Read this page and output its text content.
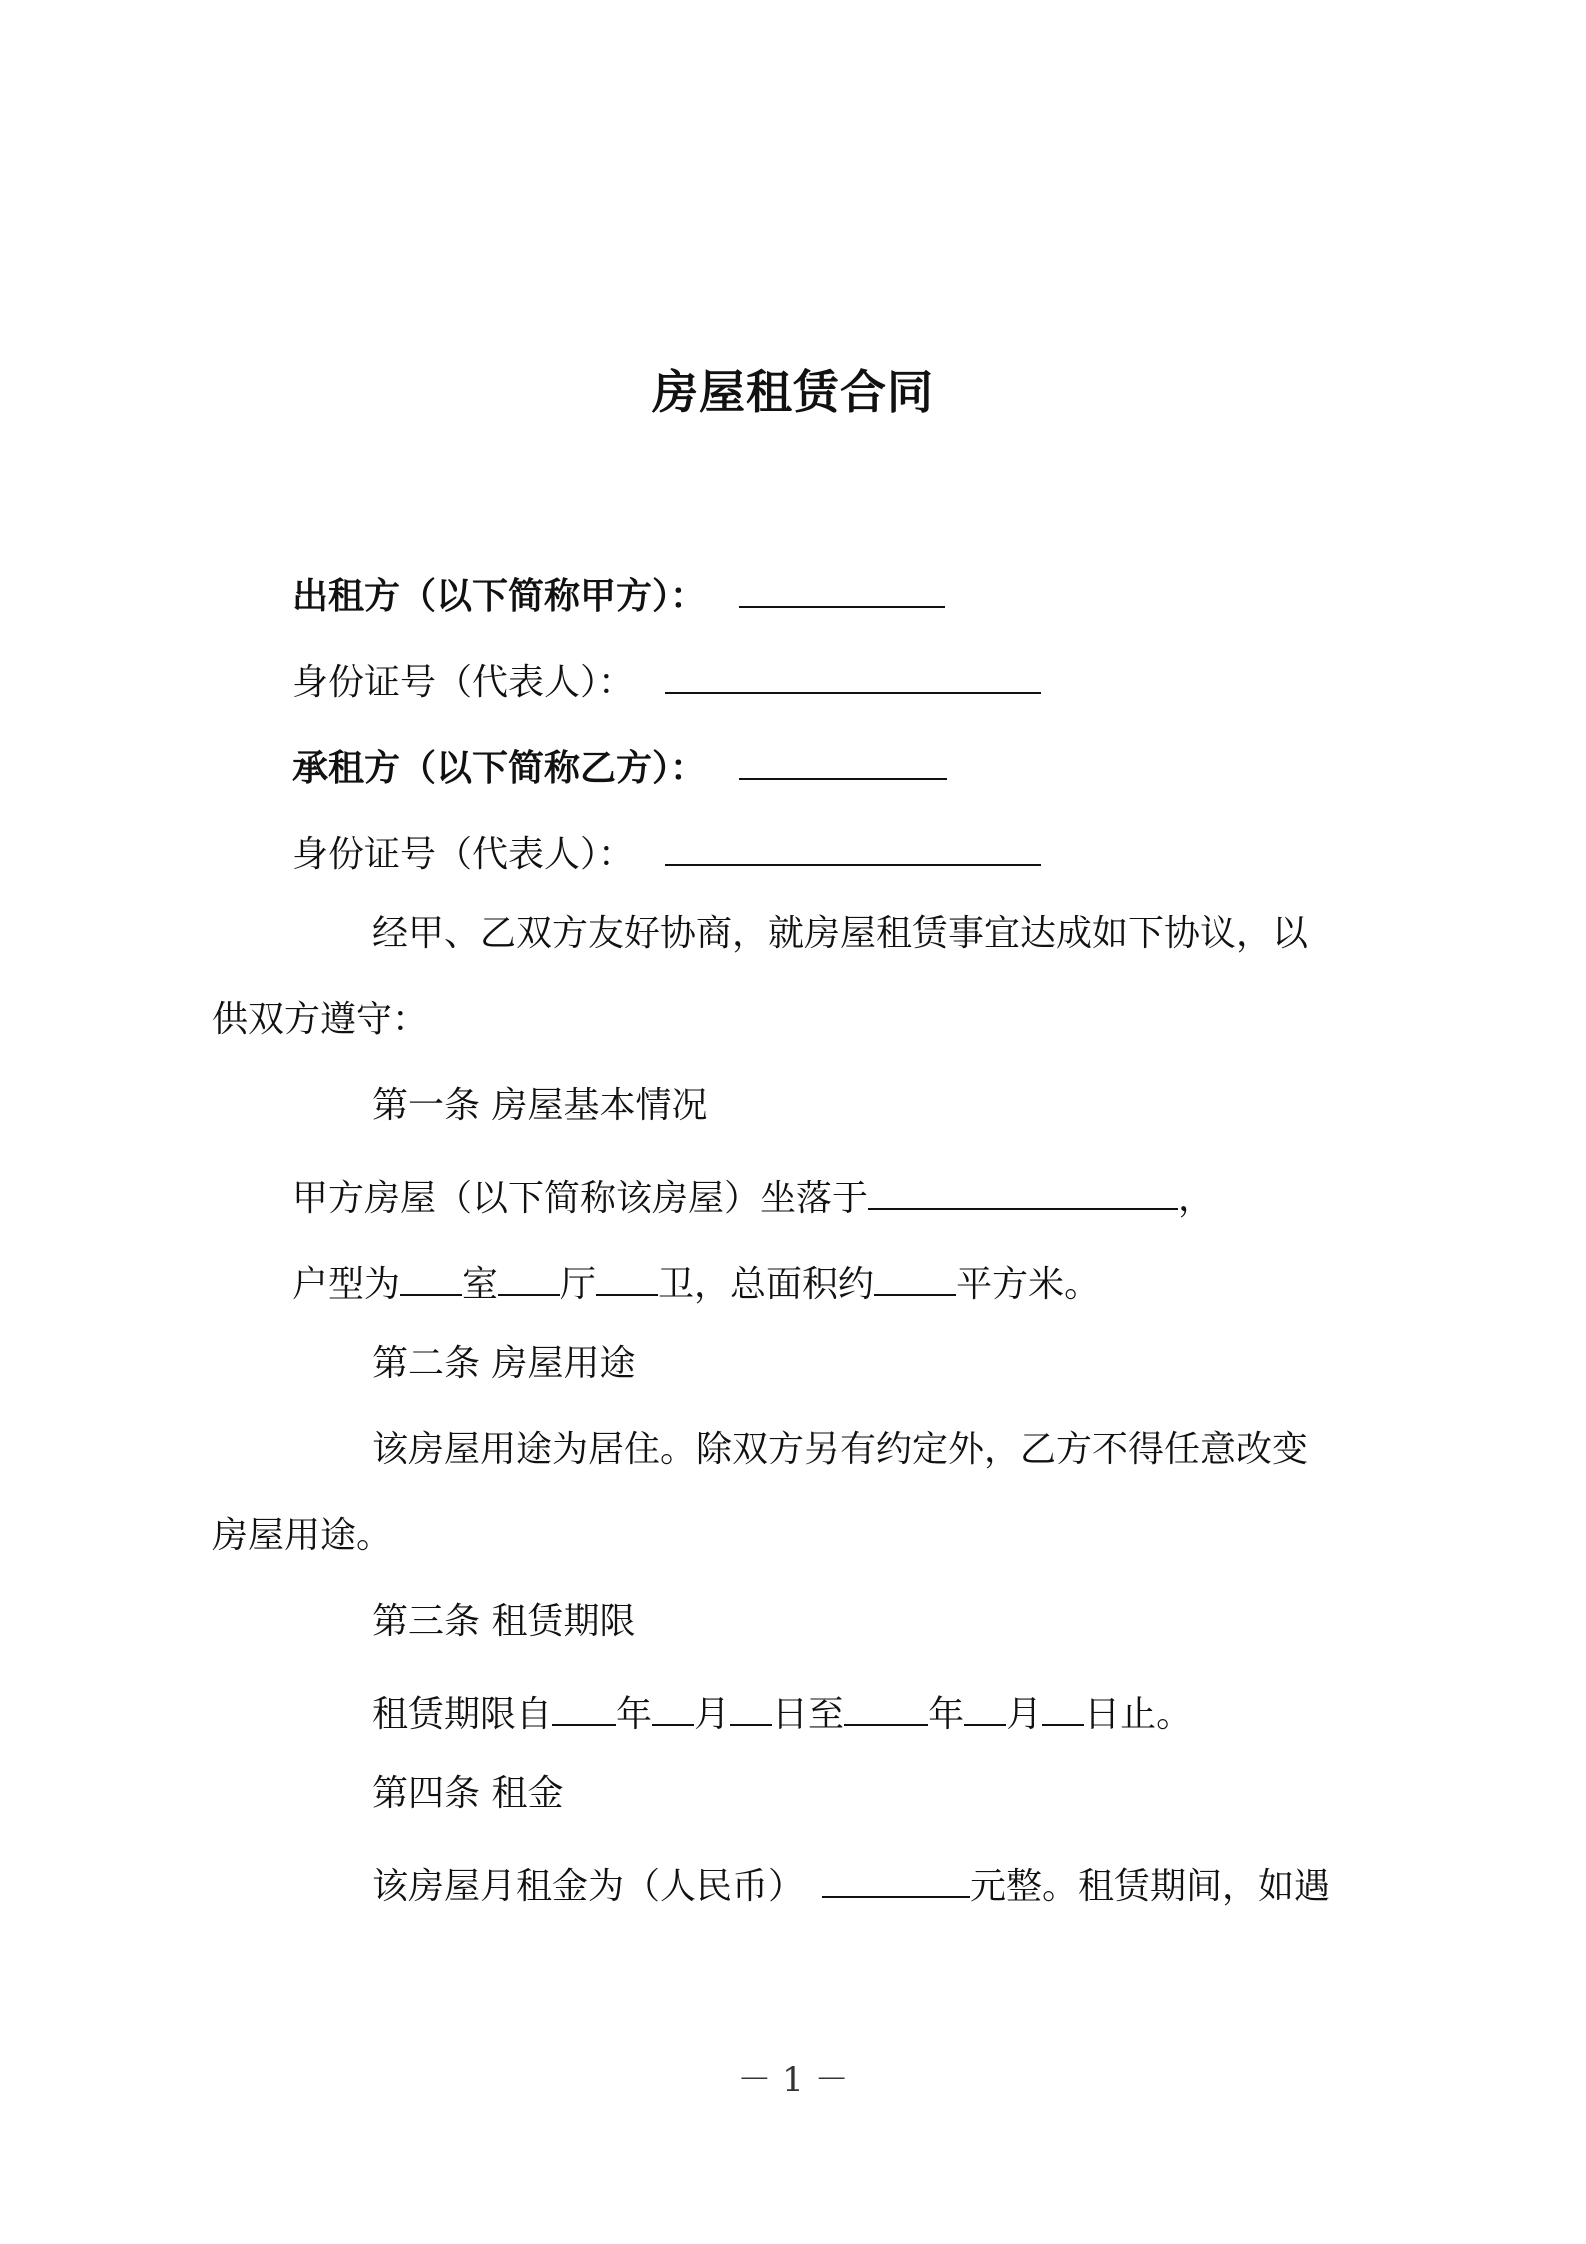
房屋租赁合同
出租方（以下简称甲方）：
身份证号（代表人）：
承租方（以下简称乙方）：
身份证号（代表人）：
经甲、乙双方友好协商，就房屋租赁事宜达成如下协议，以
供双方遵守：
第一条 房屋基本情况
甲方房屋（以下简称该房屋）坐落于	，
户型为 室 厅 卫，总面积约 平方米。
第二条 房屋用途
该房屋用途为居住。除双方另有约定外，乙方不得任意改变
房屋用途。
第三条 租赁期限
租赁期限自 年 月 日至 年 月 日止。
第四条 租金
该房屋月租金为（人民币）	元整。租赁期间，如遇
－ 1 －
